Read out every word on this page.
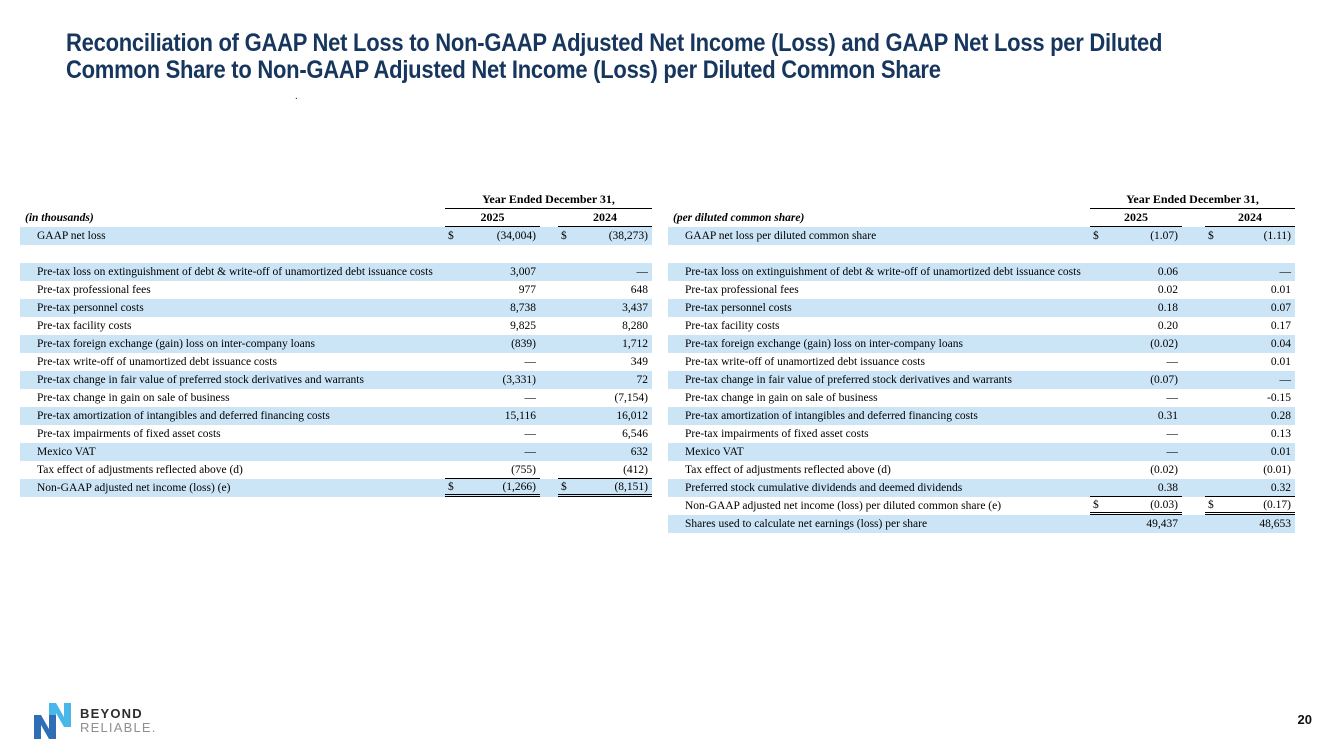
Reconciliation of GAAP Net Loss to Non-GAAP Adjusted Net Income (Loss) and GAAP Net Loss per Diluted
Common Share to Non-GAAP Adjusted Net Income (Loss) per Diluted Common Share
.
Year Ended December 31,
(in thousands)	2025	2024
GAAP net loss	$	(34,004) $	(38,273)
Pre-tax loss on extinguishment of debt & write-off of unamortized debt issuance costs	3,007	—
Pre-tax professional fees	977	648
Pre-tax personnel costs	8,738	3,437
Pre-tax facility costs	9,825	8,280
Pre-tax foreign exchange (gain) loss on inter-company loans	(839)	1,712
Pre-tax write-off of unamortized debt issuance costs	—	349
Pre-tax change in fair value of preferred stock derivatives and warrants	(3,331)	72
Pre-tax change in gain on sale of business	—	(7,154)
Pre-tax amortization of intangibles and deferred financing costs	15,116	16,012
Pre-tax impairments of fixed asset costs	—	6,546
Mexico VAT	—	632
Tax effect of adjustments reflected above (d)	(755)	(412)
Non-GAAP adjusted net income (loss) (e)	$	(1,266) $	(8,151)
Year Ended December 31,
(per diluted common share)	2025	2024
GAAP net loss per diluted common share	$	(1.07)	$	(1.11)
Pre-tax loss on extinguishment of debt & write-off of unamortized debt issuance costs	0.06	—
Pre-tax professional fees	0.02	0.01
Pre-tax personnel costs	0.18	0.07
Pre-tax facility costs	0.20	0.17
Pre-tax foreign exchange (gain) loss on inter-company loans	(0.02)	0.04
Pre-tax write-off of unamortized debt issuance costs	—	0.01
Pre-tax change in fair value of preferred stock derivatives and warrants	(0.07)	—
Pre-tax change in gain on sale of business	—	-0.15
Pre-tax amortization of intangibles and deferred financing costs	0.31	0.28
Pre-tax impairments of fixed asset costs	—	0.13
Mexico VAT	—	0.01
Tax effect of adjustments reflected above (d)	(0.02)	(0.01)
Preferred stock cumulative dividends and deemed dividends	0.38	0.32
Non-GAAP adjusted net income (loss) per diluted common share (e)	$	(0.03)	$	(0.17)
Shares used to calculate net earnings (loss) per share	49,437	48,653
BEYOND
RELIABLE.
20
